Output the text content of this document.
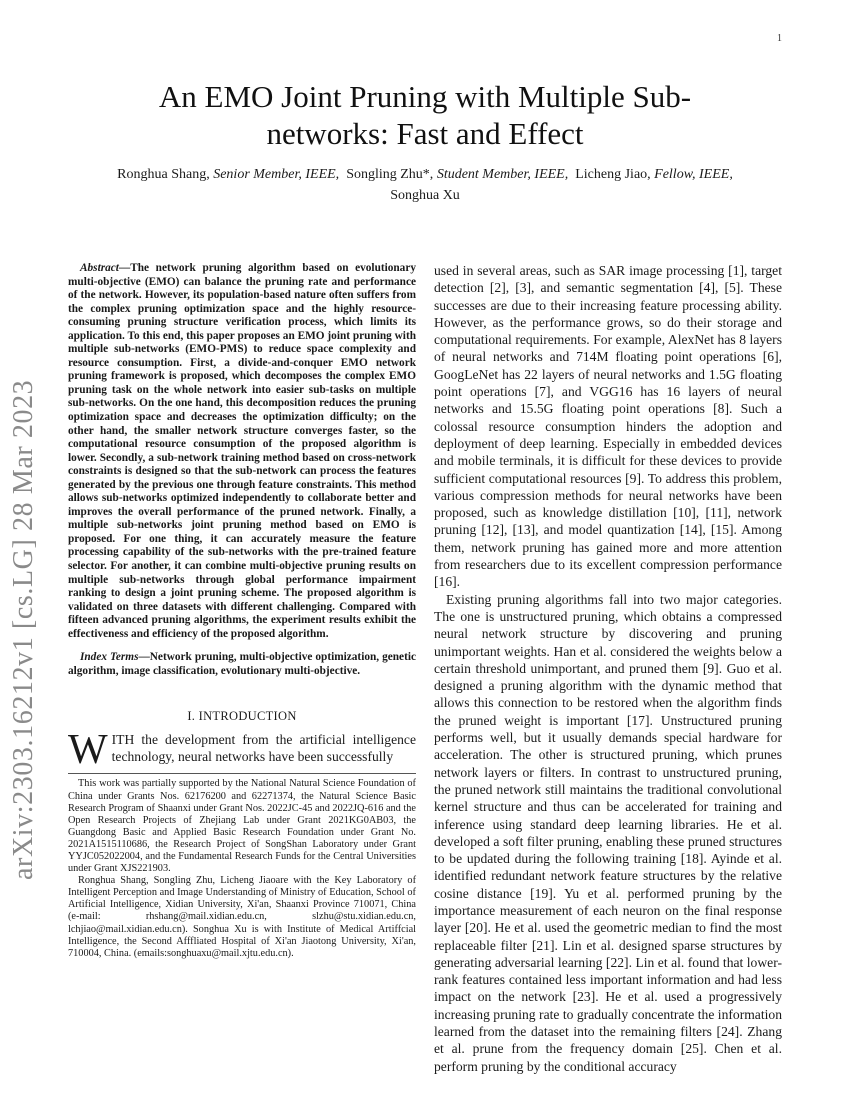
1
arXiv:2303.16212v1 [cs.LG] 28 Mar 2023
An EMO Joint Pruning with Multiple Sub-networks: Fast and Effect
Ronghua Shang, Senior Member, IEEE, Songling Zhu*, Student Member, IEEE, Licheng Jiao, Fellow, IEEE,
Songhua Xu

Abstract—The network pruning algorithm based on evolutionary multi-objective (EMO) can balance the pruning rate and performance of the network. However, its population-based nature often suffers from the complex pruning optimization space and the highly resource-consuming pruning structure verification process, which limits its application. To this end, this paper proposes an EMO joint pruning with multiple sub-networks (EMO-PMS) to reduce space complexity and resource consumption. First, a divide-and-conquer EMO network pruning framework is proposed, which decomposes the complex EMO pruning task on the whole network into easier sub-tasks on multiple sub-networks. On the one hand, this decomposition reduces the pruning optimization space and decreases the optimization difficulty; on the other hand, the smaller network structure converges faster, so the computational resource consumption of the proposed algorithm is lower. Secondly, a sub-network training method based on cross-network constraints is designed so that the sub-network can process the features generated by the previous one through feature constraints. This method allows sub-networks optimized independently to collaborate better and improves the overall performance of the pruned network. Finally, a multiple sub-networks joint pruning method based on EMO is proposed. For one thing, it can accurately measure the feature processing capability of the sub-networks with the pre-trained feature selector. For another, it can combine multi-objective pruning results on multiple sub-networks through global performance impairment ranking to design a joint pruning scheme. The proposed algorithm is validated on three datasets with different challenging. Compared with fifteen advanced pruning algorithms, the experiment results exhibit the effectiveness and efficiency of the proposed algorithm.

Index Terms—Network pruning, multi-objective optimization, genetic algorithm, image classification, evolutionary multi-objective.

I. INTRODUCTION

WITH the development from the artificial intelligence technology, neural networks have been successfully

This work was partially supported by the National Natural Science Foundation of China under Grants Nos. 62176200 and 62271374, the Natural Science Basic Research Program of Shaanxi under Grant Nos. 2022JC-45 and 2022JQ-616 and the Open Research Projects of Zhejiang Lab under Grant 2021KG0AB03, the Guangdong Basic and Applied Basic Research Foundation under Grant No. 2021A1515110686, the Research Project of SongShan Laboratory under Grant YYJC052022004, and the Fundamental Research Funds for the Central Universities under Grant XJS221903.

Ronghua Shang, Songling Zhu, Licheng Jiaoare with the Key Laboratory of Intelligent Perception and Image Understanding of Ministry of Education, School of Artificial Intelligence, Xidian University, Xi'an, Shaanxi Province 710071, China (e-mail: rhshang@mail.xidian.edu.cn, slzhu@stu.xidian.edu.cn, lchjiao@mail.xidian.edu.cn). Songhua Xu is with Institute of Medical Artiffcial Intelligence, the Second Afffliated Hospital of Xi'an Jiaotong University, Xi'an, 710004, China. (emails:songhuaxu@mail.xjtu.edu.cn).

used in several areas, such as SAR image processing [1], target detection [2], [3], and semantic segmentation [4], [5]. These successes are due to their increasing feature processing ability. However, as the performance grows, so do their storage and computational requirements. For example, AlexNet has 8 layers of neural networks and 714M floating point operations [6], GoogLeNet has 22 layers of neural networks and 1.5G floating point operations [7], and VGG16 has 16 layers of neural networks and 15.5G floating point operations [8]. Such a colossal resource consumption hinders the adoption and deployment of deep learning. Especially in embedded devices and mobile terminals, it is difficult for these devices to provide sufficient computational resources [9]. To address this problem, various compression methods for neural networks have been proposed, such as knowledge distillation [10], [11], network pruning [12], [13], and model quantization [14], [15]. Among them, network pruning has gained more and more attention from researchers due to its excellent compression performance [16].

Existing pruning algorithms fall into two major categories. The one is unstructured pruning, which obtains a compressed neural network structure by discovering and pruning unimportant weights. Han et al. considered the weights below a certain threshold unimportant, and pruned them [9]. Guo et al. designed a pruning algorithm with the dynamic method that allows this connection to be restored when the algorithm finds the pruned weight is important [17]. Unstructured pruning performs well, but it usually demands special hardware for acceleration. The other is structured pruning, which prunes network layers or filters. In contrast to unstructured pruning, the pruned network still maintains the traditional convolutional kernel structure and thus can be accelerated for training and inference using standard deep learning libraries. He et al. developed a soft filter pruning, enabling these pruned structures to be updated during the following training [18]. Ayinde et al. identified redundant network feature structures by the relative cosine distance [19]. Yu et al. performed pruning by the importance measurement of each neuron on the final response layer [20]. He et al. used the geometric median to find the most replaceable filter [21]. Lin et al. designed sparse structures by generating adversarial learning [22]. Lin et al. found that lower-rank features contained less important information and had less impact on the network [23]. He et al. used a progressively increasing pruning rate to gradually concentrate the information learned from the dataset into the remaining filters [24]. Zhang et al. prune from the frequency domain [25]. Chen et al. perform pruning by the conditional accuracy
